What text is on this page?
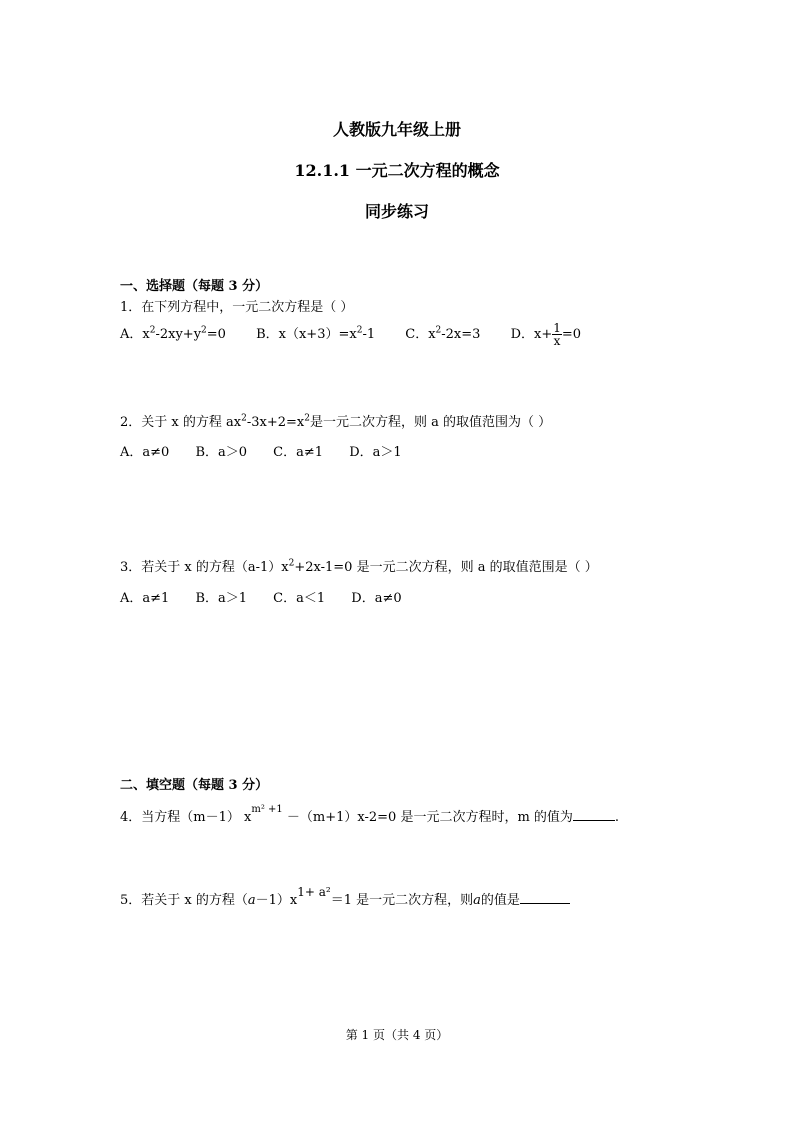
人教版九年级上册
12.1.1 一元二次方程的概念
同步练习
一、选择题（每题 3 分）
1．在下列方程中，一元二次方程是（ ）
A．$x^2-2xy+y^2=0$ B．$x(x+3)=x^2-1$ C．$x^2-2x=3$ D．$x+ \frac{1}{x} =0$
2．关于 x 的方程 $ax^2-3x+2=x^2$是一元二次方程，则 a 的取值范围为（ ）
A．a≠0 B．a＞0 C．a≠1 D．a＞1
3．若关于 x 的方程$(a-1)x^2+2x-1=0$ 是一元二次方程，则 a 的取值范围是（ ）
A．a≠1 B．a＞1 C．a＜1 D．a≠0
二、填空题（每题 3 分）
4．当方程（m－1） $x^{m^2 +1} -(m+1)x-2=0$ 是一元二次方程时，m 的值为	.
5．若关于 x 的方程$(a-1)x^{1+ a^2}=1$ 是一元二次方程，则a的值是
第 1 页（共 4 页）
